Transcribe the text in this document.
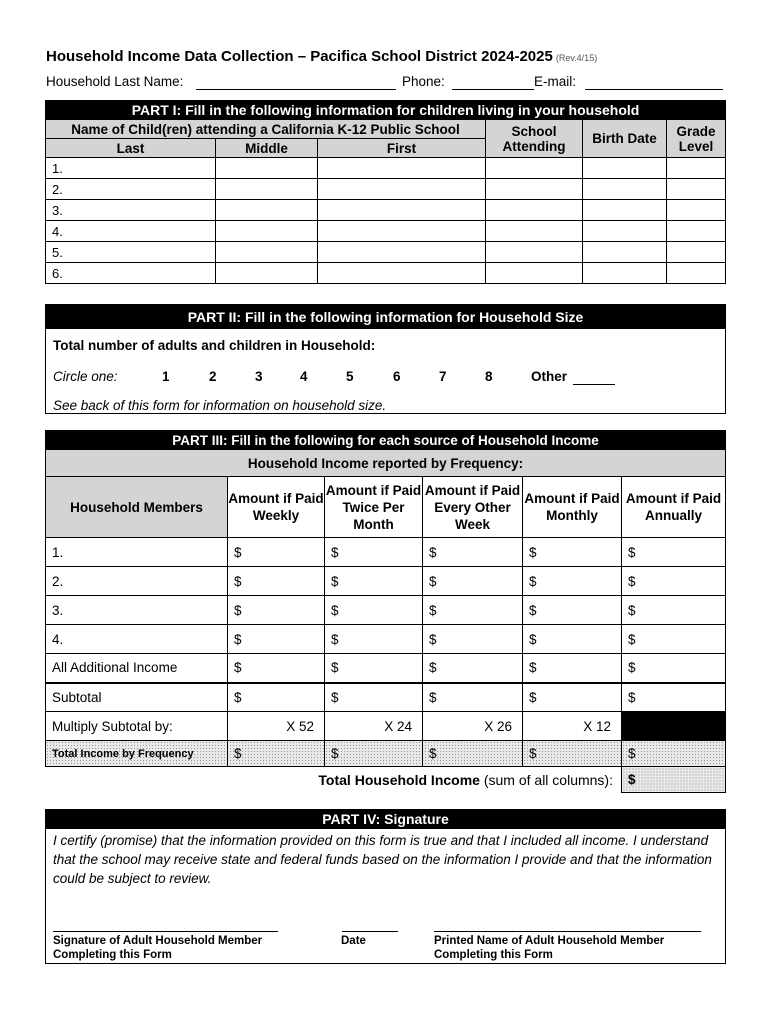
Household Income Data Collection – Pacifica School District 2024-2025 (Rev.4/15)
Household Last Name:	Phone:	E-mail:
PART I: Fill in the following information for children living in your household					
Name of Child(ren) attending a California K-12 Public School			School Attending	Birth Date	Grade Level
Last	Middle	First			
1.					
2.					
3.					
4.					
5.					
6.					
PART II: Fill in the following information for Household Size
Total number of adults and children in Household:
Circle one:	1	2	3	4	5	6	7	8	Other
See back of this form for information on household size.
PART III: Fill in the following for each source of Household Income					
Household Income reported by Frequency:					
Household Members	Amount if Paid Weekly	Amount if Paid Twice Per Month	Amount if Paid Every Other Week	Amount if Paid Monthly	Amount if Paid Annually
1.	$	$	$	$	$
2.	$	$	$	$	$
3.	$	$	$	$	$
4.	$	$	$	$	$
All Additional Income	$	$	$	$	$
Subtotal	$	$	$	$	$
Multiply Subtotal by:	X 52	X 24	X 26	X 12	
Total Income by Frequency	$	$	$	$	$
Total Household Income (sum of all columns):					$
PART IV: Signature
I certify (promise) that the information provided on this form is true and that I included all income. I understand that the school may receive state and federal funds based on the information I provide and that the information could be subject to review.
Signature of Adult Household Member
Completing this Form
Date	Printed Name of Adult Household Member
Completing this Form
